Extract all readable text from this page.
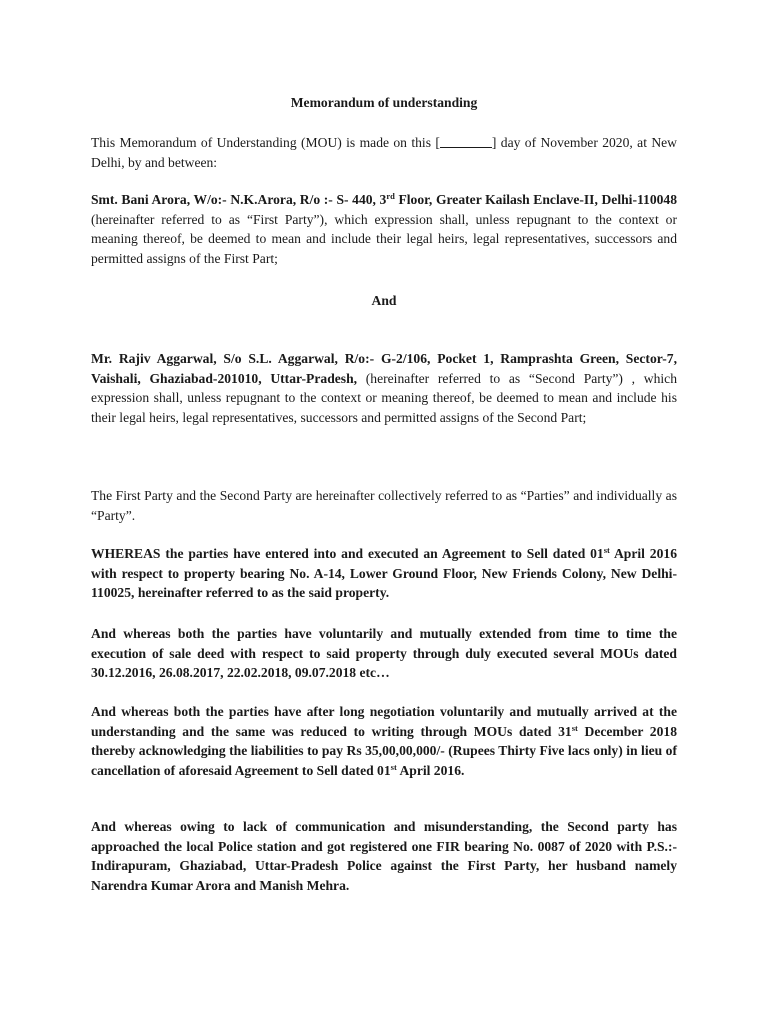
Memorandum of understanding

This Memorandum of Understanding (MOU) is made on this [	] day of November 2020, at New Delhi, by and between:

Smt. Bani Arora, W/o:- N.K.Arora, R/o :- S- 440, 3rd Floor, Greater Kailash Enclave-II, Delhi-110048 (hereinafter referred to as “First Party”), which expression shall, unless repugnant to the context or meaning thereof, be deemed to mean and include their legal heirs, legal representatives, successors and permitted assigns of the First Part;

And

Mr. Rajiv Aggarwal, S/o S.L. Aggarwal, R/o:- G-2/106, Pocket 1, Ramprashta Green, Sector-7, Vaishali, Ghaziabad-201010, Uttar-Pradesh, (hereinafter referred to as “Second Party”) , which expression shall, unless repugnant to the context or meaning thereof, be deemed to mean and include his their legal heirs, legal representatives, successors and permitted assigns of the Second Part;

The First Party and the Second Party are hereinafter collectively referred to as “Parties” and individually as “Party”.

WHEREAS the parties have entered into and executed an Agreement to Sell dated 01st April 2016 with respect to property bearing No. A-14, Lower Ground Floor, New Friends Colony, New Delhi-110025, hereinafter referred to as the said property.

And whereas both the parties have voluntarily and mutually extended from time to time the execution of sale deed with respect to said property through duly executed several MOUs dated 30.12.2016, 26.08.2017, 22.02.2018, 09.07.2018 etc…

And whereas both the parties have after long negotiation voluntarily and mutually arrived at the understanding and the same was reduced to writing through MOUs dated 31st December 2018 thereby acknowledging the liabilities to pay Rs 35,00,00,000/- (Rupees Thirty Five lacs only) in lieu of cancellation of aforesaid Agreement to Sell dated 01st April 2016.

And whereas owing to lack of communication and misunderstanding, the Second party has approached the local Police station and got registered one FIR bearing No. 0087 of 2020 with P.S.:- Indirapuram, Ghaziabad, Uttar-Pradesh Police against the First Party, her husband namely Narendra Kumar Arora and Manish Mehra.
